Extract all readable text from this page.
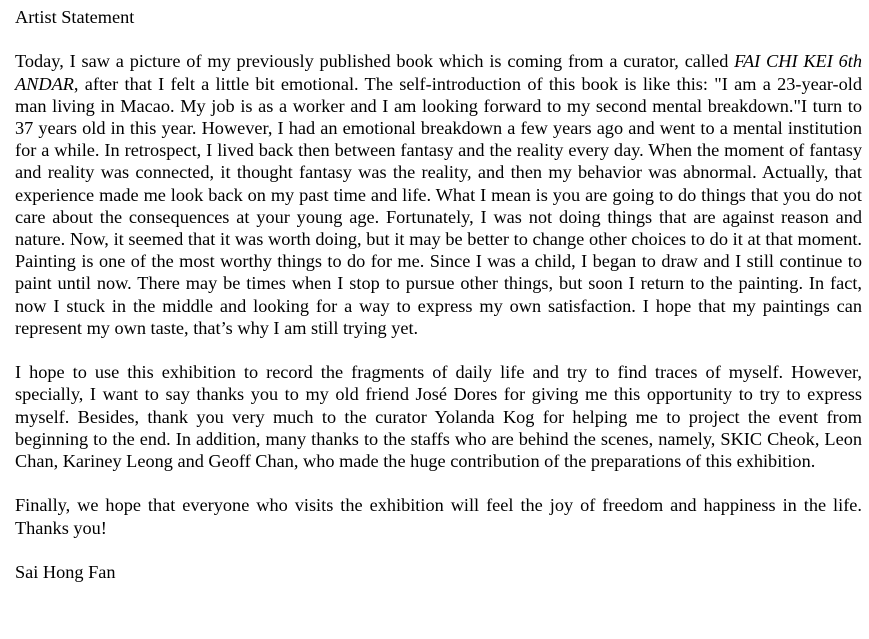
Artist Statement

Today, I saw a picture of my previously published book which is coming from a curator, called FAI CHI KEI 6th ANDAR, after that I felt a little bit emotional. The self-introduction of this book is like this: "I am a 23-year-old man living in Macao. My job is as a worker and I am looking forward to my second mental breakdown."I turn to 37 years old in this year. However, I had an emotional breakdown a few years ago and went to a mental institution for a while. In retrospect, I lived back then between fantasy and the reality every day. When the moment of fantasy and reality was connected, it thought fantasy was the reality, and then my behavior was abnormal. Actually, that experience made me look back on my past time and life. What I mean is you are going to do things that you do not care about the consequences at your young age. Fortunately, I was not doing things that are against reason and nature. Now, it seemed that it was worth doing, but it may be better to change other choices to do it at that moment. Painting is one of the most worthy things to do for me. Since I was a child, I began to draw and I still continue to paint until now. There may be times when I stop to pursue other things, but soon I return to the painting. In fact, now I stuck in the middle and looking for a way to express my own satisfaction. I hope that my paintings can represent my own taste, that’s why I am still trying yet.

I hope to use this exhibition to record the fragments of daily life and try to find traces of myself. However, specially, I want to say thanks you to my old friend José Dores for giving me this opportunity to try to express myself. Besides, thank you very much to the curator Yolanda Kog for helping me to project the event from beginning to the end. In addition, many thanks to the staffs who are behind the scenes, namely, SKIC Cheok, Leon Chan, Kariney Leong and Geoff Chan, who made the huge contribution of the preparations of this exhibition.

Finally, we hope that everyone who visits the exhibition will feel the joy of freedom and happiness in the life. Thanks you!

Sai Hong Fan
